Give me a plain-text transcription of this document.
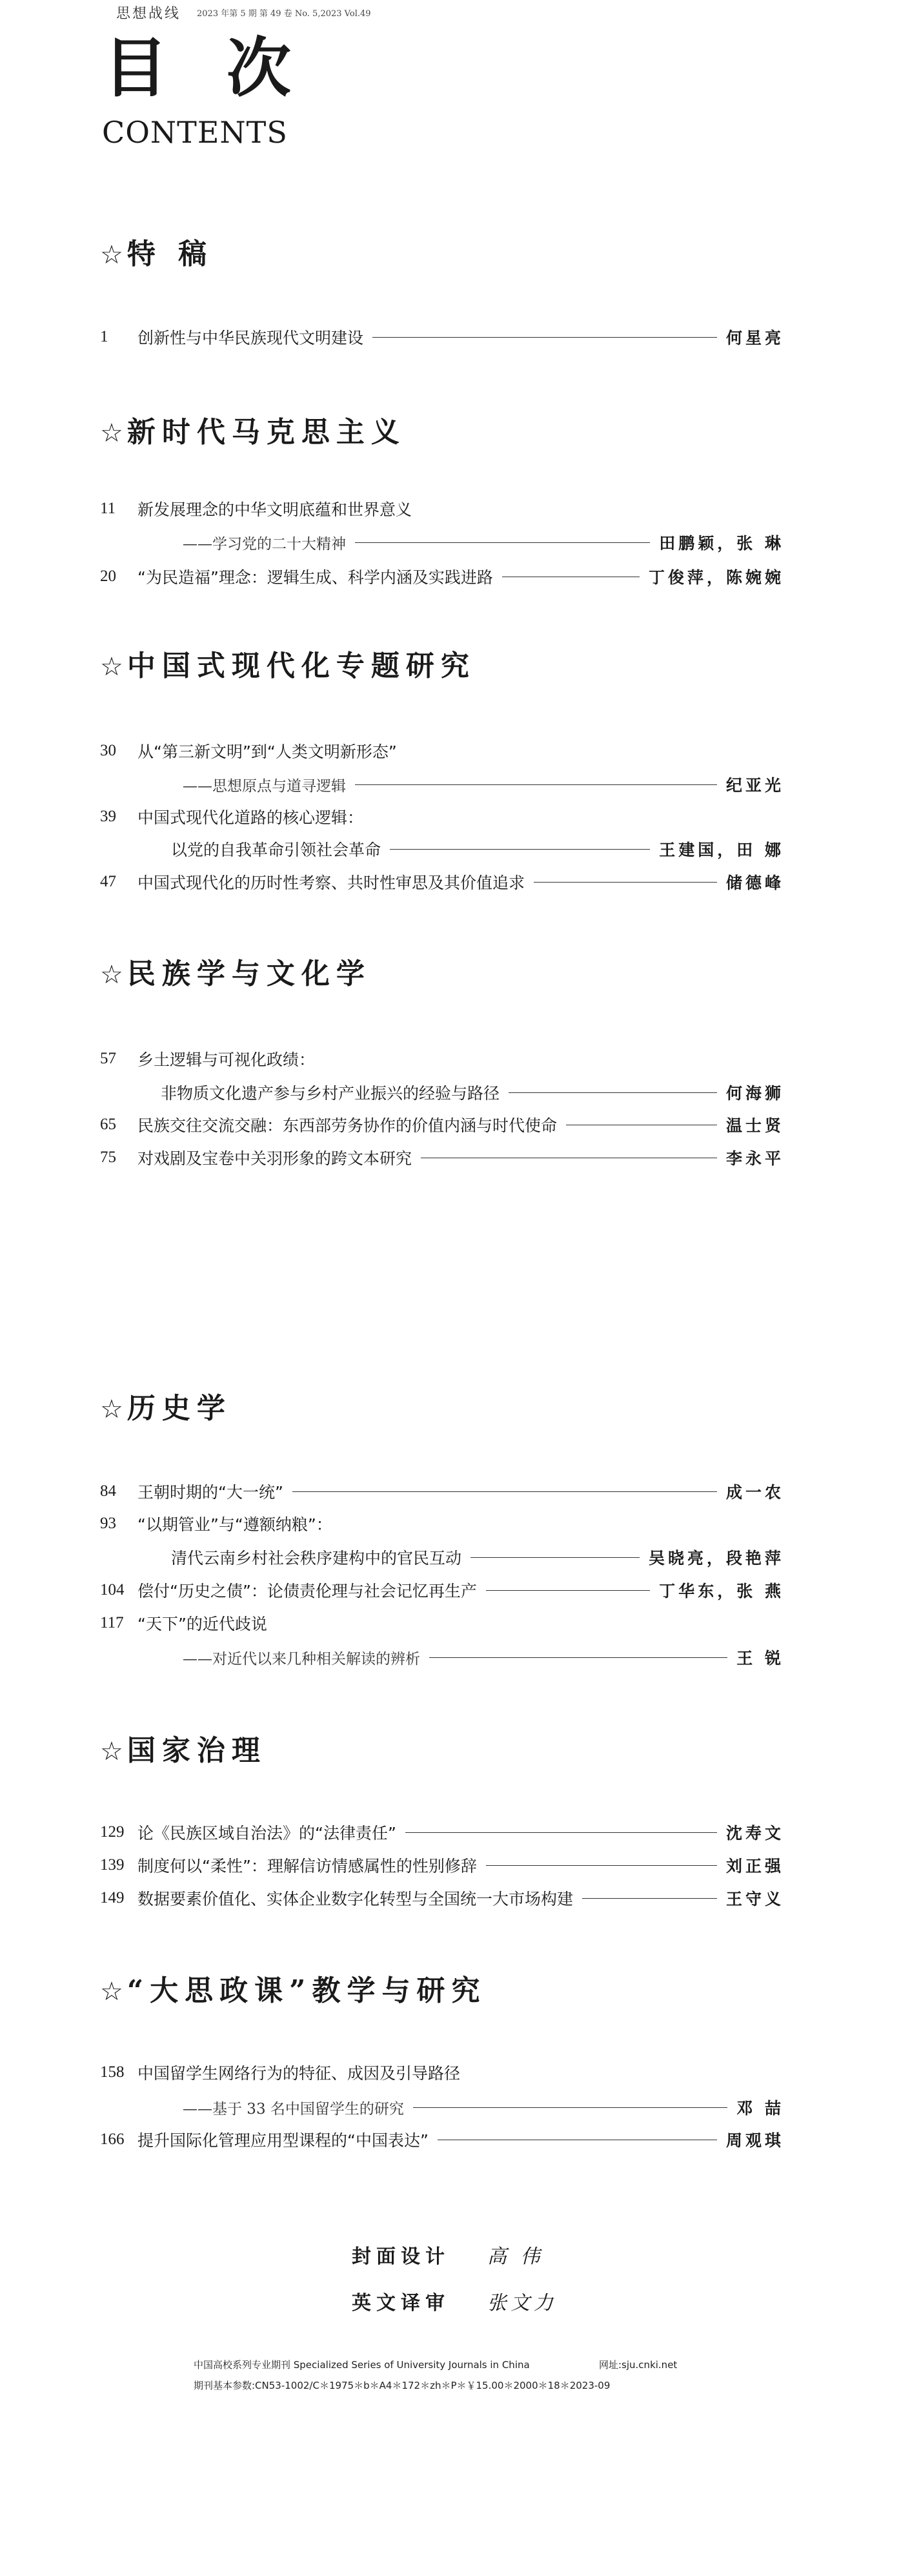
思想战线 2023 年第 5 期 第 49 卷 No. 5,2023 Vol.49
目 次
CONTENTS
☆ 特 稿
1	创新性与中华民族现代文明建设	何星亮
☆ 新时代马克思主义
11	新发展理念的中华文明底蕴和世界意义
——学习党的二十大精神	田鹏颖，张 琳
20	“为民造福”理念：逻辑生成、科学内涵及实践进路	丁俊萍，陈婉婉
☆ 中国式现代化专题研究
30	从“第三新文明”到“人类文明新形态”
——思想原点与道寻逻辑	纪亚光
39	中国式现代化道路的核心逻辑：
以党的自我革命引领社会革命	王建国，田 娜
47	中国式现代化的历时性考察、共时性审思及其价值追求	储德峰
☆ 民族学与文化学
57	乡土逻辑与可视化政绩：
非物质文化遗产参与乡村产业振兴的经验与路径	何海狮
65	民族交往交流交融：东西部劳务协作的价值内涵与时代使命	温士贤
75	对戏剧及宝卷中关羽形象的跨文本研究	李永平
☆ 历史学
84	王朝时期的“大一统”	成一农
93	“以期管业”与“遵额纳粮”：
清代云南乡村社会秩序建构中的官民互动	吴晓亮，段艳萍
104 偿付“历史之债”：论债责伦理与社会记忆再生产	丁华东，张 燕
117 “天下”的近代歧说
——对近代以来几种相关解读的辨析	王 锐
☆ 国家治理
129 论《民族区域自治法》的“法律责任”	沈寿文
139 制度何以“柔性”：理解信访情感属性的性别修辞	刘正强
149 数据要素价值化、实体企业数字化转型与全国统一大市场构建	王守义
☆ “大思政课”教学与研究
158 中国留学生网络行为的特征、成因及引导路径
——基于 33 名中国留学生的研究	邓 喆
166 提升国际化管理应用型课程的“中国表达”	周观琪
封面设计 高 伟
英文译审 张文力
中国高校系列专业期刊 Specialized Series of University Journals in China	网址:sju.cnki.net
期刊基本参数:CN53-1002/C＊1975＊b＊A4＊172＊zh＊P＊￥15.00＊2000＊18＊2023-09
